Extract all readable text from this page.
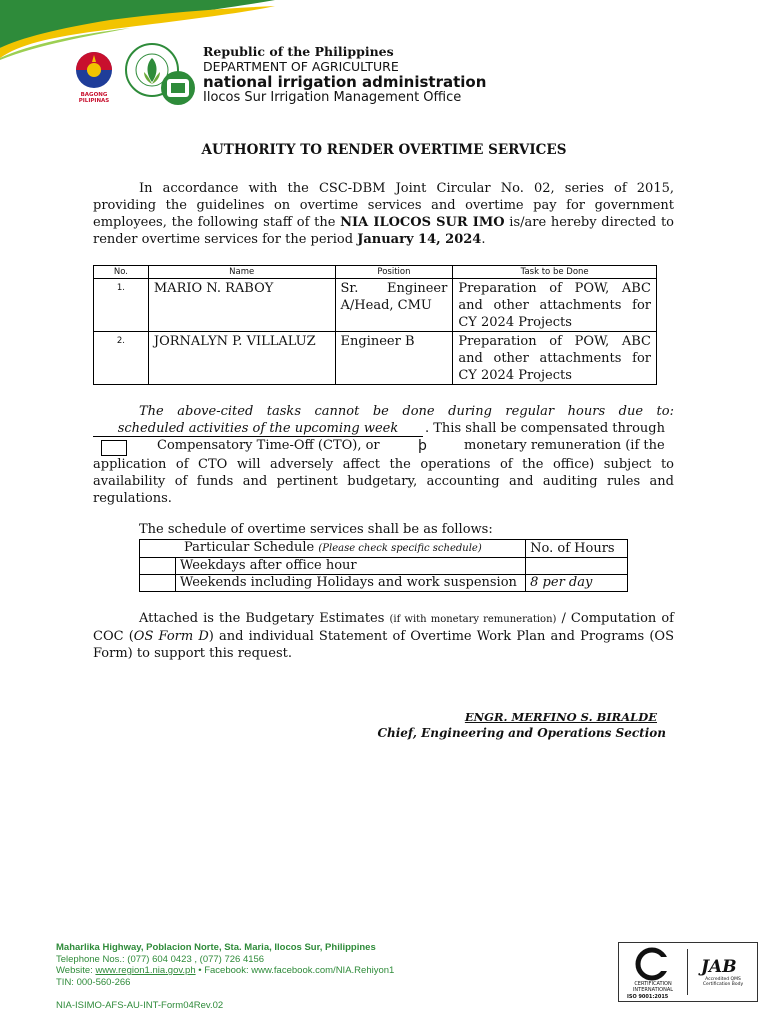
BAGONG PILIPINAS
Republic of the Philippines
DEPARTMENT OF AGRICULTURE
national irrigation administration
Ilocos Sur Irrigation Management Office
AUTHORITY TO RENDER OVERTIME SERVICES
In accordance with the CSC-DBM Joint Circular No. 02, series of 2015, providing the guidelines on overtime services and overtime pay for government employees, the following staff of the NIA ILOCOS SUR IMO is/are hereby directed to render overtime services for the period January 14, 2024.
No.	Name	Position	Task to be Done
1.	MARIO N. RABOY	Sr. Engineer A/Head, CMU	Preparation of POW, ABC and other attachments for CY 2024 Projects
2.	JORNALYN P. VILLALUZ	Engineer B	Preparation of POW, ABC and other attachments for CY 2024 Projects
The above-cited tasks cannot be done during regular hours due to:
scheduled activities of the upcoming week . This shall be compensated through
Compensatory Time-Off (CTO), or	þ	monetary remuneration (if the
application of CTO will adversely affect the operations of the office) subject to availability of funds and pertinent budgetary, accounting and auditing rules and regulations.
The schedule of overtime services shall be as follows:
Particular Schedule (Please check specific schedule)		No. of Hours
	Weekdays after office hour	
	Weekends including Holidays and work suspension	8 per day
Attached is the Budgetary Estimates (if with monetary remuneration) / Computation of COC (OS Form D) and individual Statement of Overtime Work Plan and Programs (OS Form) to support this request.
ENGR. MERFINO S. BIRALDE
Chief, Engineering and Operations Section
Maharlika Highway, Poblacion Norte, Sta. Maria, Ilocos Sur, Philippines
Telephone Nos.: (077) 604 0423 , (077) 726 4156
Website: www.region1.nia.gov.ph • Facebook: www.facebook.com/NIA.Rehiyon1
TIN: 000-560-266
NIA-ISIMO-AFS-AU-INT-Form04Rev.02
CERTIFICATION INTERNATIONAL
ISO 9001:2015
JAB
Accredited QMS Certification Body
